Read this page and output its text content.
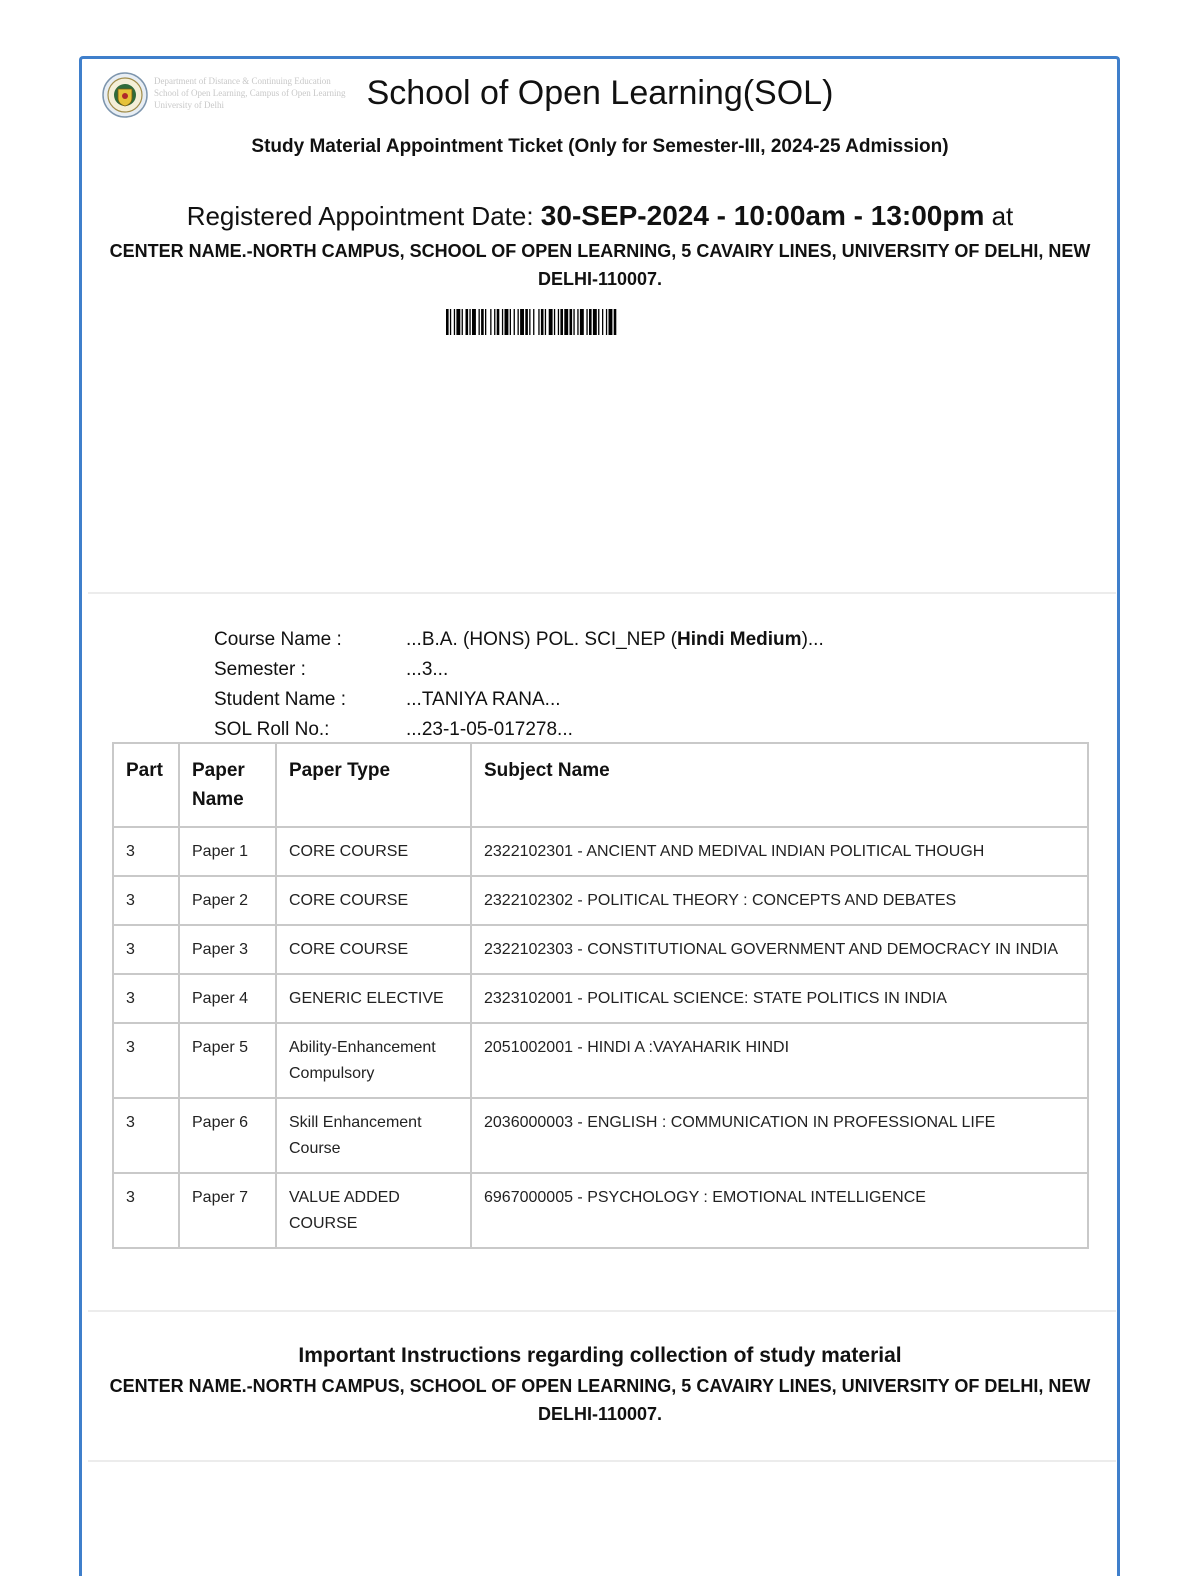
Department of Distance & Continuing Education
School of Open Learning, Campus of Open Learning
University of Delhi	School of Open Learning(SOL)
Study Material Appointment Ticket (Only for Semester-III, 2024-25 Admission)
Registered Appointment Date: 30-SEP-2024 - 10:00am - 13:00pm at
CENTER NAME.-NORTH CAMPUS, SCHOOL OF OPEN LEARNING, 5 CAVAIRY LINES, UNIVERSITY OF DELHI, NEW DELHI-110007.
Course Name :	...B.A. (HONS) POL. SCI_NEP (Hindi Medium)...
Semester :	...3...
Student Name :	...TANIYA RANA...
SOL Roll No.:	...23-1-05-017278...
Part	Paper Name	Paper Type	Subject Name
3	Paper 1	CORE COURSE	2322102301 - ANCIENT AND MEDIVAL INDIAN POLITICAL THOUGH
3	Paper 2	CORE COURSE	2322102302 - POLITICAL THEORY : CONCEPTS AND DEBATES
3	Paper 3	CORE COURSE	2322102303 - CONSTITUTIONAL GOVERNMENT AND DEMOCRACY IN INDIA
3	Paper 4	GENERIC ELECTIVE	2323102001 - POLITICAL SCIENCE: STATE POLITICS IN INDIA
3	Paper 5	Ability-Enhancement Compulsory	2051002001 - HINDI A :VAYAHARIK HINDI
3	Paper 6	Skill Enhancement Course	2036000003 - ENGLISH : COMMUNICATION IN PROFESSIONAL LIFE
3	Paper 7	VALUE ADDED COURSE	6967000005 - PSYCHOLOGY : EMOTIONAL INTELLIGENCE
Important Instructions regarding collection of study material
CENTER NAME.-NORTH CAMPUS, SCHOOL OF OPEN LEARNING, 5 CAVAIRY LINES, UNIVERSITY OF DELHI, NEW DELHI-110007.
